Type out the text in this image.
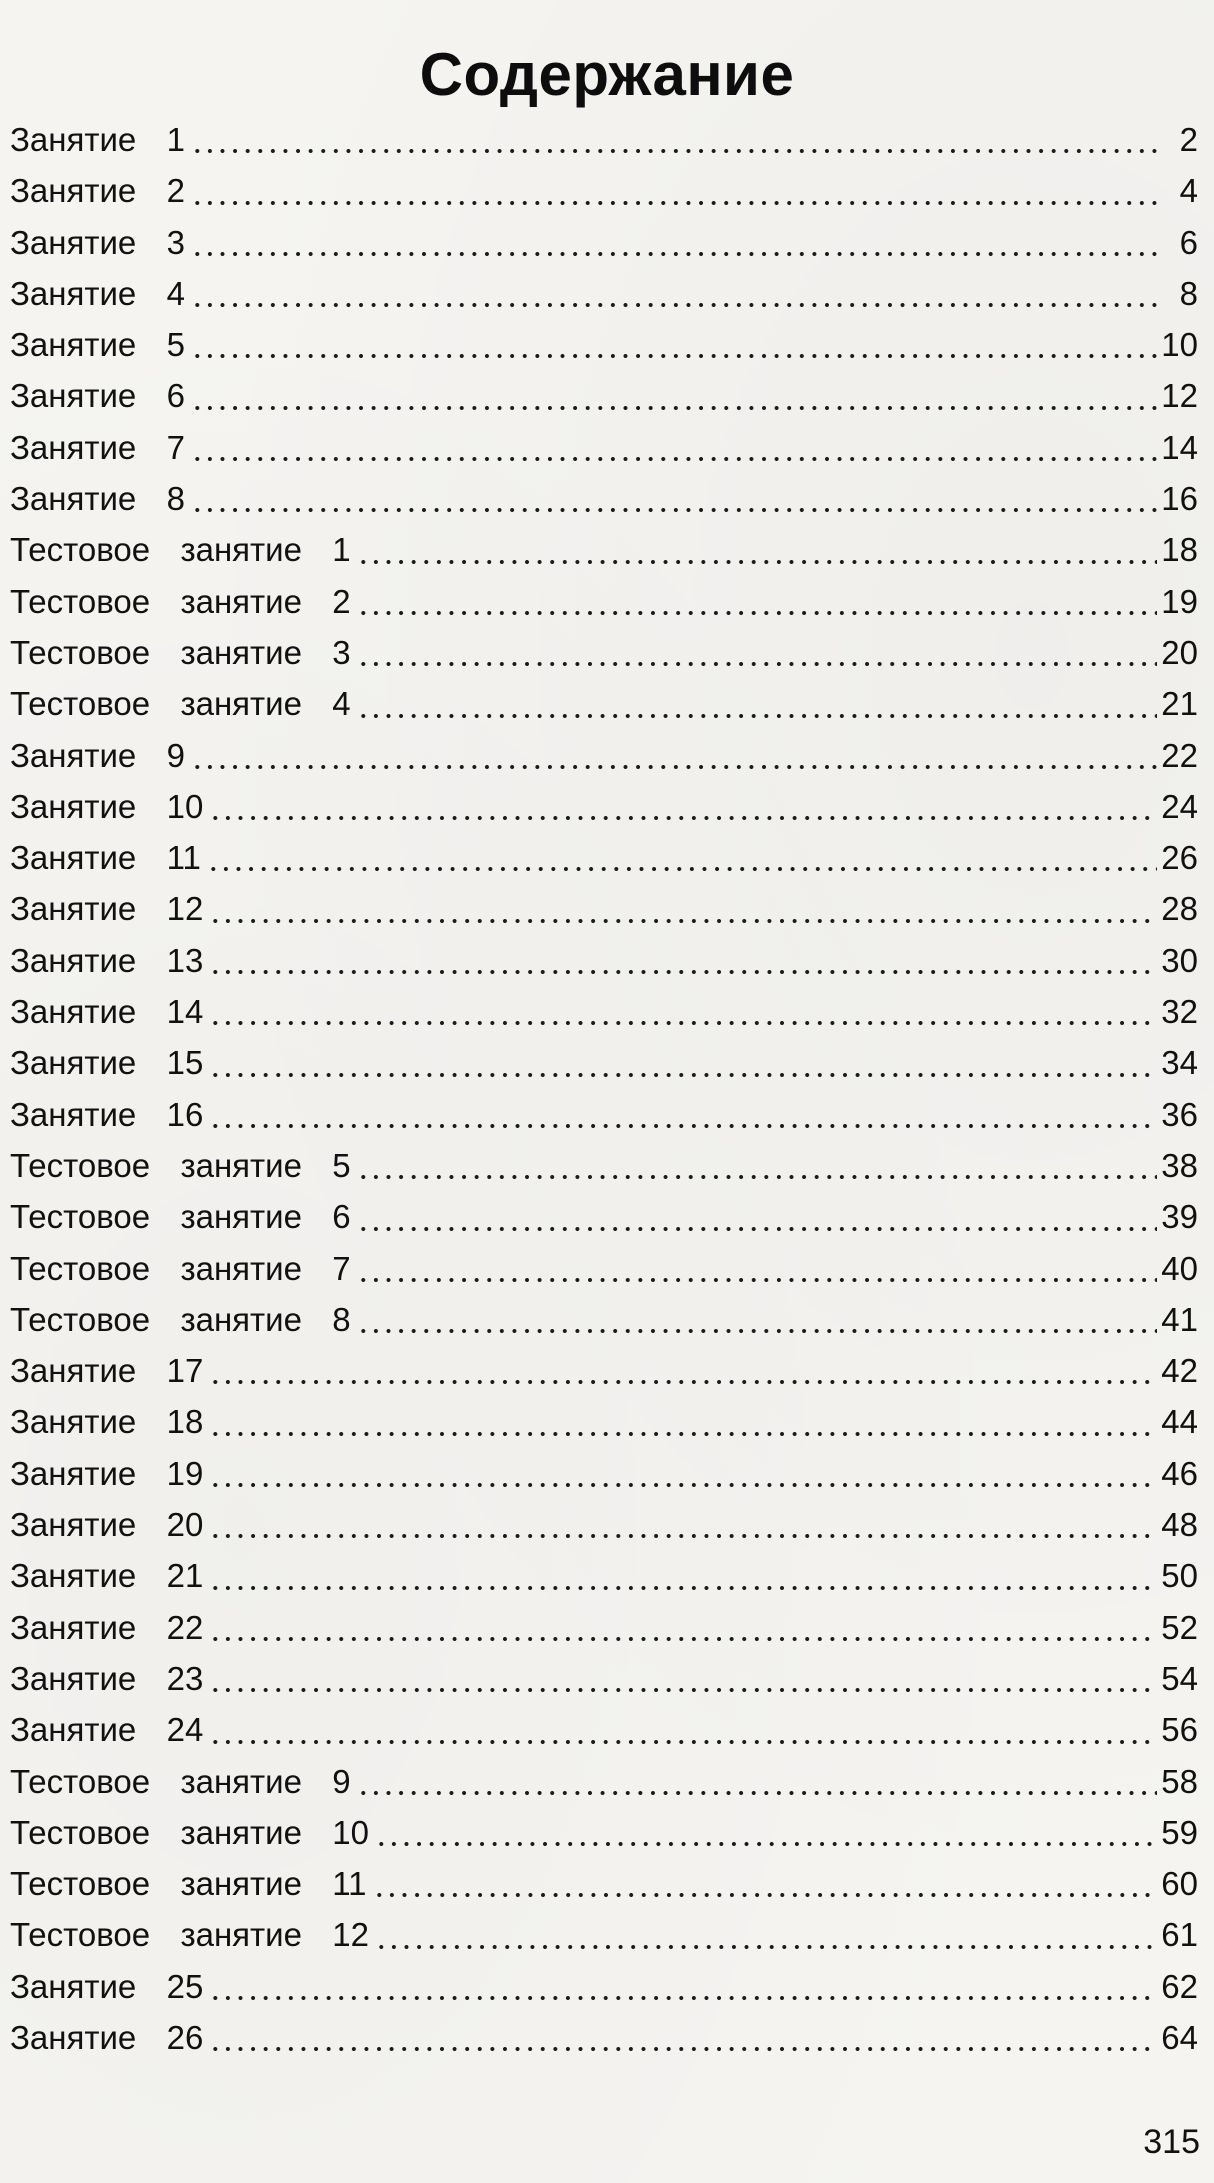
Содержание
Занятие  1	2
Занятие  2	4
Занятие  3	6
Занятие  4	8
Занятие  5	10
Занятие  6	12
Занятие  7	14
Занятие  8	16
Тестовое  занятие  1	18
Тестовое  занятие  2	19
Тестовое  занятие  3	20
Тестовое  занятие  4	21
Занятие  9	22
Занятие  10	24
Занятие  11	26
Занятие  12	28
Занятие  13	30
Занятие  14	32
Занятие  15	34
Занятие  16	36
Тестовое  занятие  5	38
Тестовое  занятие  6	39
Тестовое  занятие  7	40
Тестовое  занятие  8	41
Занятие  17	42
Занятие  18	44
Занятие  19	46
Занятие  20	48
Занятие  21	50
Занятие  22	52
Занятие  23	54
Занятие  24	56
Тестовое  занятие  9	58
Тестовое  занятие  10	59
Тестовое  занятие  11	60
Тестовое  занятие  12	61
Занятие  25	62
Занятие  26	64
315
